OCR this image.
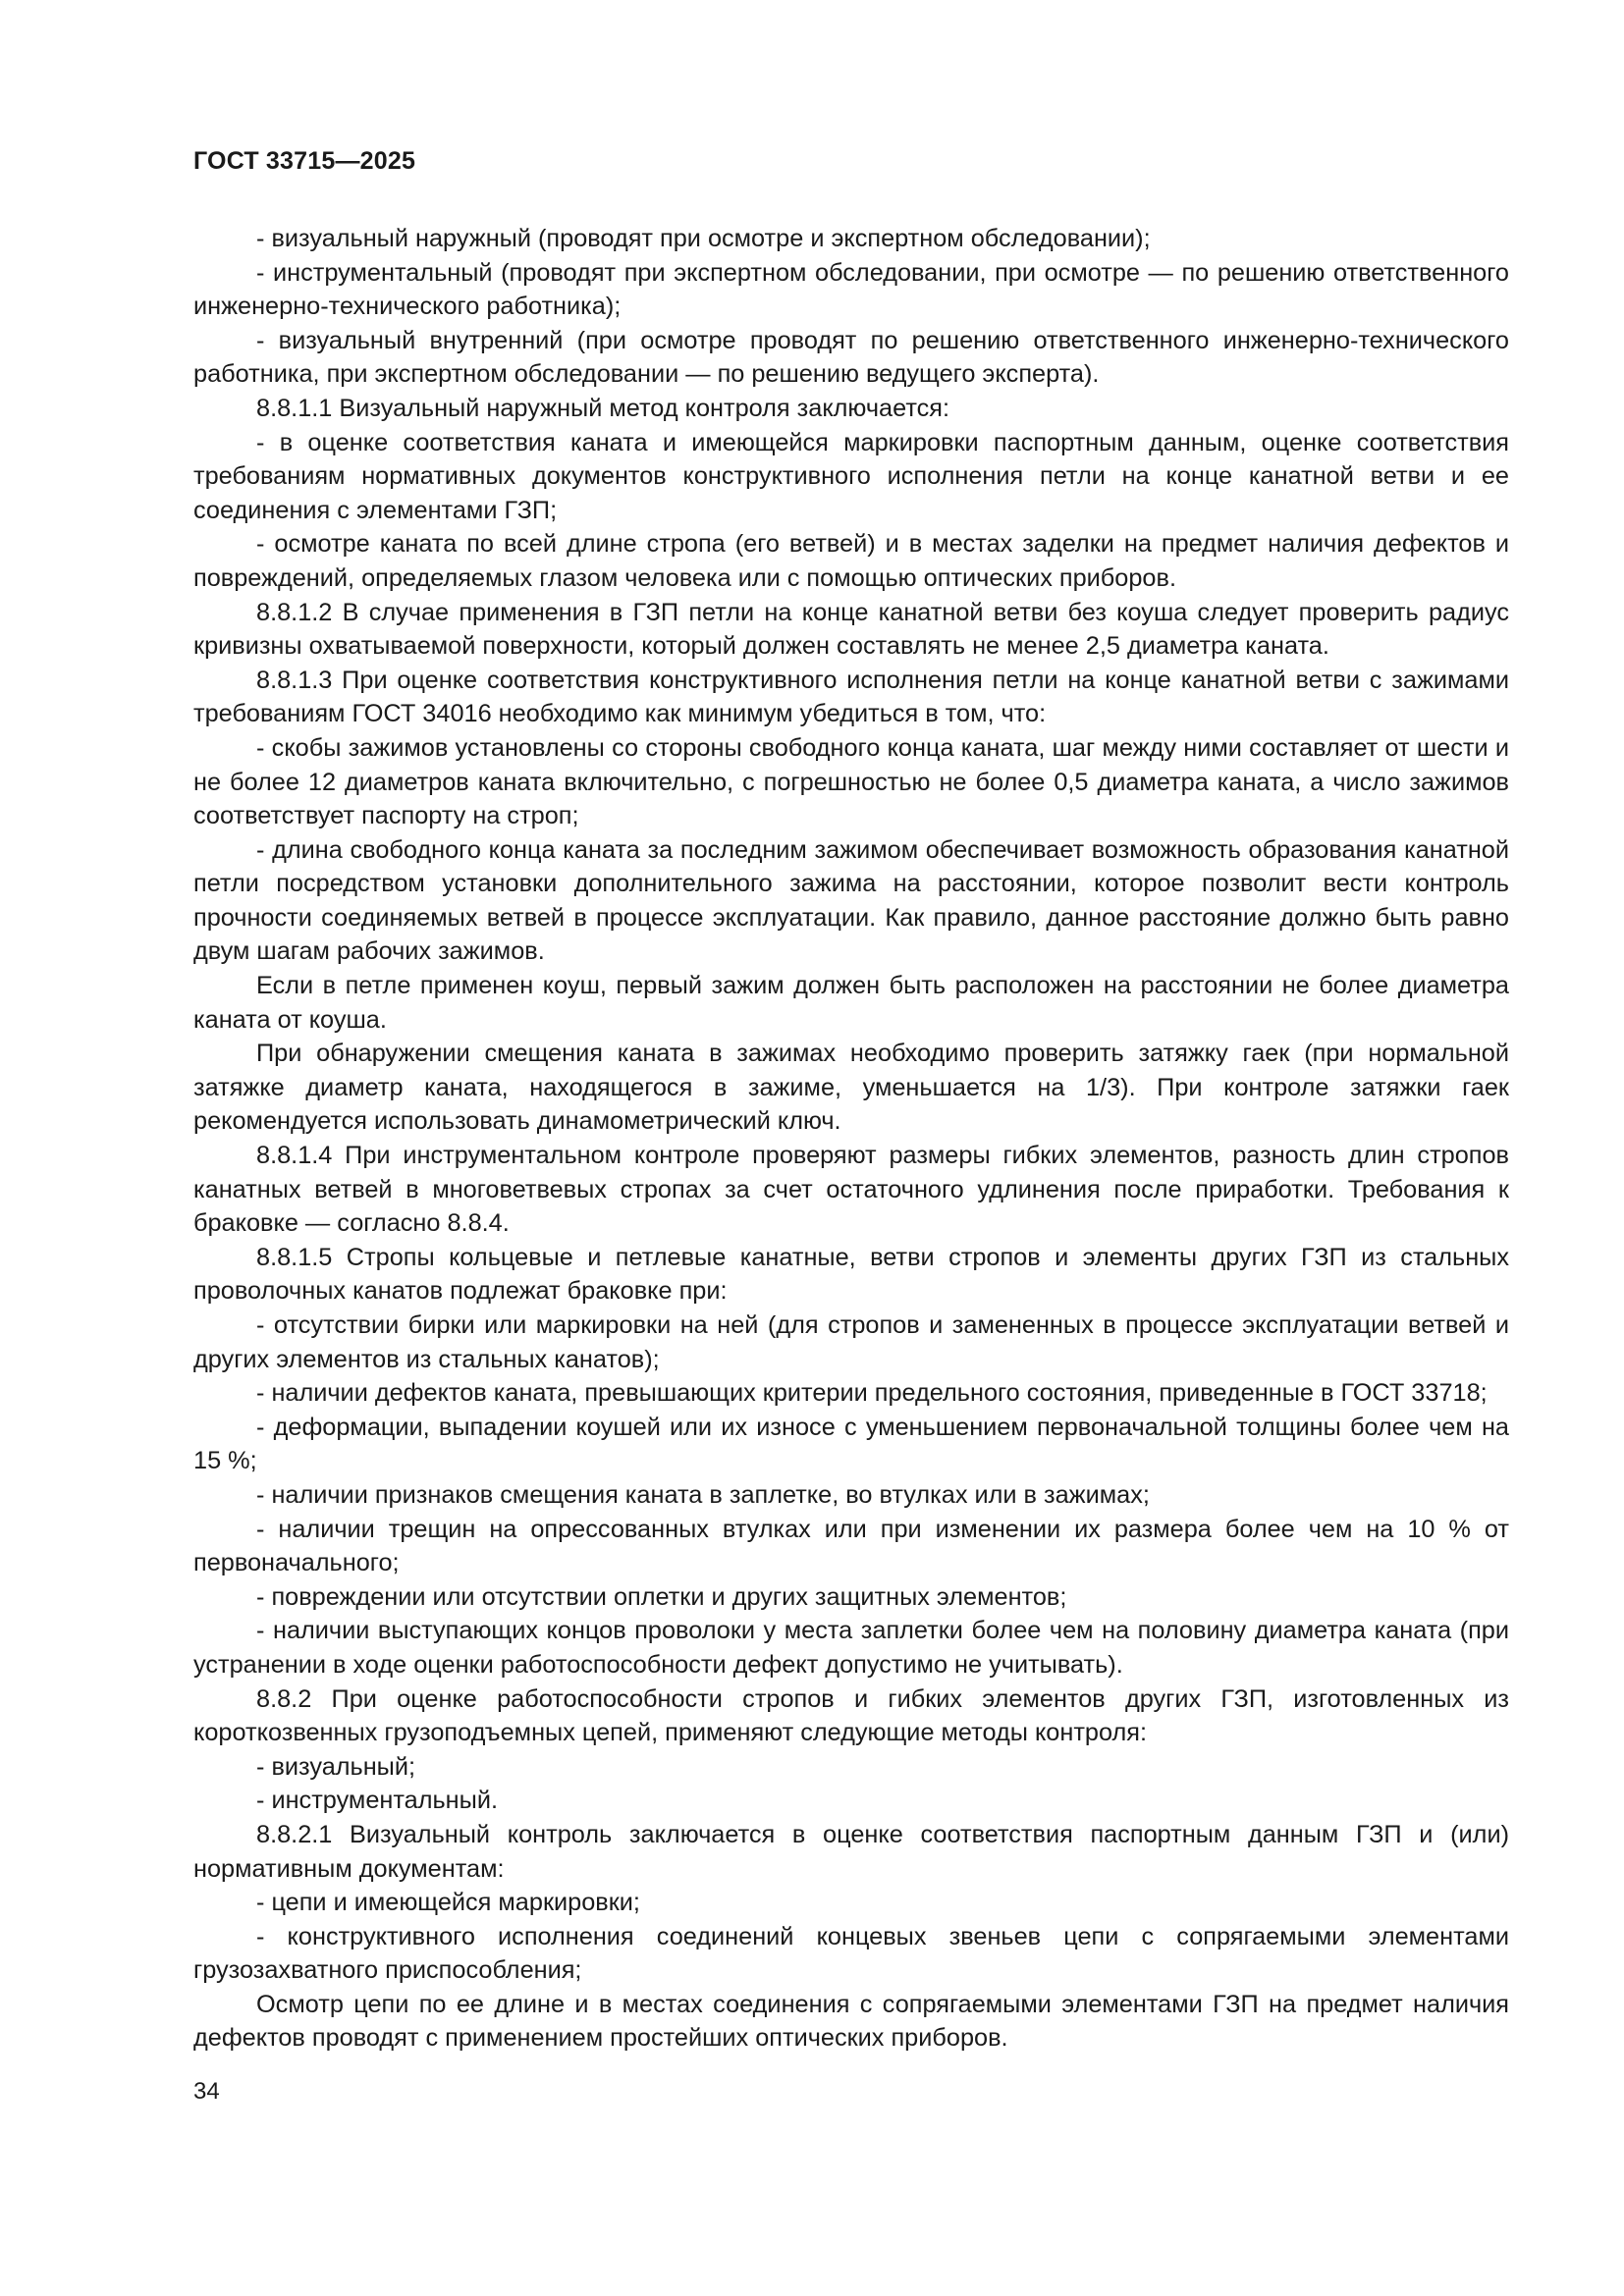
ГОСТ 33715—2025

- визуальный наружный (проводят при осмотре и экспертном обследовании);

- инструментальный (проводят при экспертном обследовании, при осмотре — по решению ответственного инженерно-технического работника);

- визуальный внутренний (при осмотре проводят по решению ответственного инженерно-технического работника, при экспертном обследовании — по решению ведущего эксперта).

8.8.1.1 Визуальный наружный метод контроля заключается:

- в оценке соответствия каната и имеющейся маркировки паспортным данным, оценке соответствия требованиям нормативных документов конструктивного исполнения петли на конце канатной ветви и ее соединения с элементами ГЗП;

- осмотре каната по всей длине стропа (его ветвей) и в местах заделки на предмет наличия дефектов и повреждений, определяемых глазом человека или с помощью оптических приборов.

8.8.1.2 В случае применения в ГЗП петли на конце канатной ветви без коуша следует проверить радиус кривизны охватываемой поверхности, который должен составлять не менее 2,5 диаметра каната.

8.8.1.3 При оценке соответствия конструктивного исполнения петли на конце канатной ветви с зажимами требованиям ГОСТ 34016 необходимо как минимум убедиться в том, что:

- скобы зажимов установлены со стороны свободного конца каната, шаг между ними составляет от шести и не более 12 диаметров каната включительно, с погрешностью не более 0,5 диаметра каната, а число зажимов соответствует паспорту на строп;

- длина свободного конца каната за последним зажимом обеспечивает возможность образования канатной петли посредством установки дополнительного зажима на расстоянии, которое позволит вести контроль прочности соединяемых ветвей в процессе эксплуатации. Как правило, данное расстояние должно быть равно двум шагам рабочих зажимов.

Если в петле применен коуш, первый зажим должен быть расположен на расстоянии не более диаметра каната от коуша.

При обнаружении смещения каната в зажимах необходимо проверить затяжку гаек (при нормальной затяжке диаметр каната, находящегося в зажиме, уменьшается на 1/3). При контроле затяжки гаек рекомендуется использовать динамометрический ключ.

8.8.1.4 При инструментальном контроле проверяют размеры гибких элементов, разность длин стропов канатных ветвей в многоветвевых стропах за счет остаточного удлинения после приработки. Требования к браковке — согласно 8.8.4.

8.8.1.5 Стропы кольцевые и петлевые канатные, ветви стропов и элементы других ГЗП из стальных проволочных канатов подлежат браковке при:

- отсутствии бирки или маркировки на ней (для стропов и замененных в процессе эксплуатации ветвей и других элементов из стальных канатов);

- наличии дефектов каната, превышающих критерии предельного состояния, приведенные в ГОСТ 33718;

- деформации, выпадении коушей или их износе с уменьшением первоначальной толщины более чем на 15 %;

- наличии признаков смещения каната в заплетке, во втулках или в зажимах;

- наличии трещин на опрессованных втулках или при изменении их размера более чем на 10 % от первоначального;

- повреждении или отсутствии оплетки и других защитных элементов;

- наличии выступающих концов проволоки у места заплетки более чем на половину диаметра каната (при устранении в ходе оценки работоспособности дефект допустимо не учитывать).

8.8.2 При оценке работоспособности стропов и гибких элементов других ГЗП, изготовленных из короткозвенных грузоподъемных цепей, применяют следующие методы контроля:

- визуальный;

- инструментальный.

8.8.2.1 Визуальный контроль заключается в оценке соответствия паспортным данным ГЗП и (или) нормативным документам:

- цепи и имеющейся маркировки;

- конструктивного исполнения соединений концевых звеньев цепи с сопрягаемыми элементами грузозахватного приспособления;

Осмотр цепи по ее длине и в местах соединения с сопрягаемыми элементами ГЗП на предмет наличия дефектов проводят с применением простейших оптических приборов.

34
